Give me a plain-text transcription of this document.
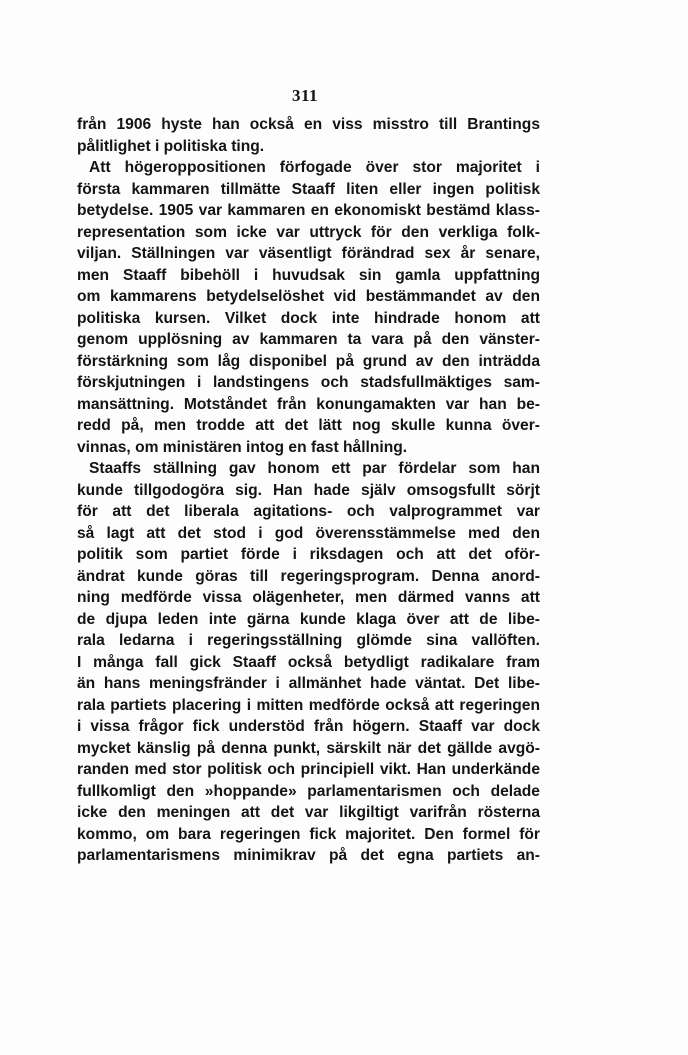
311
från 1906 hyste han också en viss misstro till Brantings
pålitlighet i politiska ting.
Att högeroppositionen förfogade över stor majoritet i
första kammaren tillmätte Staaff liten eller ingen politisk
betydelse. 1905 var kammaren en ekonomiskt bestämd klass-
representation som icke var uttryck för den verkliga folk-
viljan. Ställningen var väsentligt förändrad sex år senare,
men Staaff bibehöll i huvudsak sin gamla uppfattning
om kammarens betydelselöshet vid bestämmandet av den
politiska kursen. Vilket dock inte hindrade honom att
genom upplösning av kammaren ta vara på den vänster-
förstärkning som låg disponibel på grund av den inträdda
förskjutningen i landstingens och stadsfullmäktiges sam-
mansättning. Motståndet från konungamakten var han be-
redd på, men trodde att det lätt nog skulle kunna över-
vinnas, om ministären intog en fast hållning.
Staaffs ställning gav honom ett par fördelar som han
kunde tillgodogöra sig. Han hade själv omsogsfullt sörjt
för att det liberala agitations- och valprogrammet var
så lagt att det stod i god överensstämmelse med den
politik som partiet förde i riksdagen och att det oför-
ändrat kunde göras till regeringsprogram. Denna anord-
ning medförde vissa olägenheter, men därmed vanns att
de djupa leden inte gärna kunde klaga över att de libe-
rala ledarna i regeringsställning glömde sina vallöften.
I många fall gick Staaff också betydligt radikalare fram
än hans meningsfränder i allmänhet hade väntat. Det libe-
rala partiets placering i mitten medförde också att regeringen
i vissa frågor fick understöd från högern. Staaff var dock
mycket känslig på denna punkt, särskilt när det gällde avgö-
randen med stor politisk och principiell vikt. Han underkände
fullkomligt den »hoppande» parlamentarismen och delade
icke den meningen att det var likgiltigt varifrån rösterna
kommo, om bara regeringen fick majoritet. Den formel för
parlamentarismens minimikrav på det egna partiets an-
